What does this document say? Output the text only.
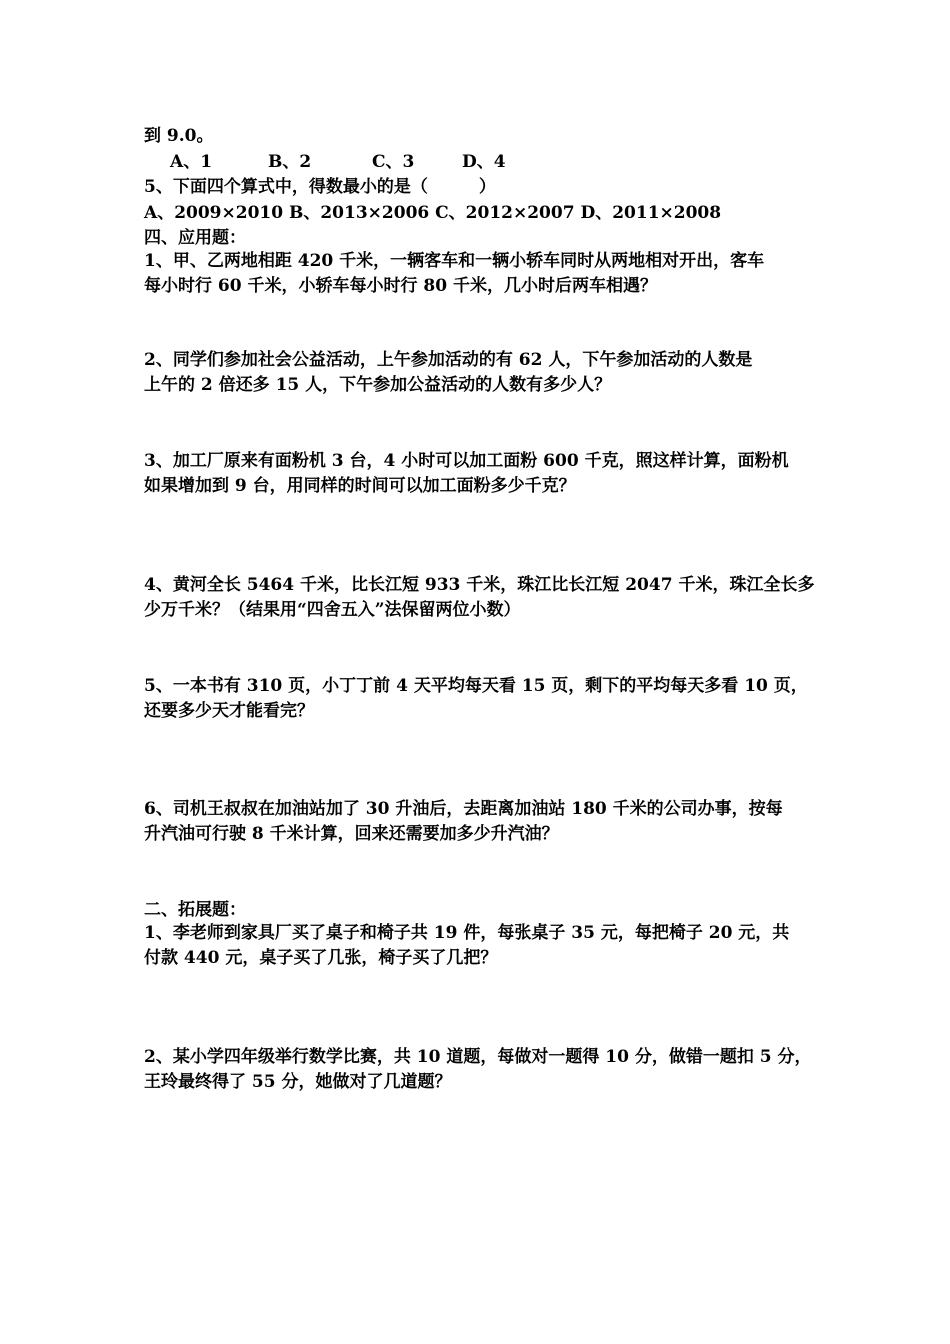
到 9.0。
A、1	B、2	C、3	D、4
5、下面四个算式中，得数最小的是（　　　）
A、2009×2010 B、2013×2006 C、2012×2007 D、2011×2008
四、应用题：
1、甲、乙两地相距 420 千米，一辆客车和一辆小轿车同时从两地相对开出，客车
每小时行 60 千米，小轿车每小时行 80 千米，几小时后两车相遇？
2、同学们参加社会公益活动，上午参加活动的有 62 人，下午参加活动的人数是
上午的 2 倍还多 15 人，下午参加公益活动的人数有多少人？
3、加工厂原来有面粉机 3 台，4 小时可以加工面粉 600 千克，照这样计算，面粉机
如果增加到 9 台，用同样的时间可以加工面粉多少千克？
4、黄河全长 5464 千米，比长江短 933 千米，珠江比长江短 2047 千米，珠江全长多
少万千米？（结果用“四舍五入”法保留两位小数）
5、一本书有 310 页，小丁丁前 4 天平均每天看 15 页，剩下的平均每天多看 10 页，
还要多少天才能看完？
6、司机王叔叔在加油站加了 30 升油后，去距离加油站 180 千米的公司办事，按每
升汽油可行驶 8 千米计算，回来还需要加多少升汽油？
二、拓展题：
1、李老师到家具厂买了桌子和椅子共 19 件，每张桌子 35 元，每把椅子 20 元，共
付款 440 元，桌子买了几张，椅子买了几把？
2、某小学四年级举行数学比赛，共 10 道题，每做对一题得 10 分，做错一题扣 5 分，
王玲最终得了 55 分，她做对了几道题？
